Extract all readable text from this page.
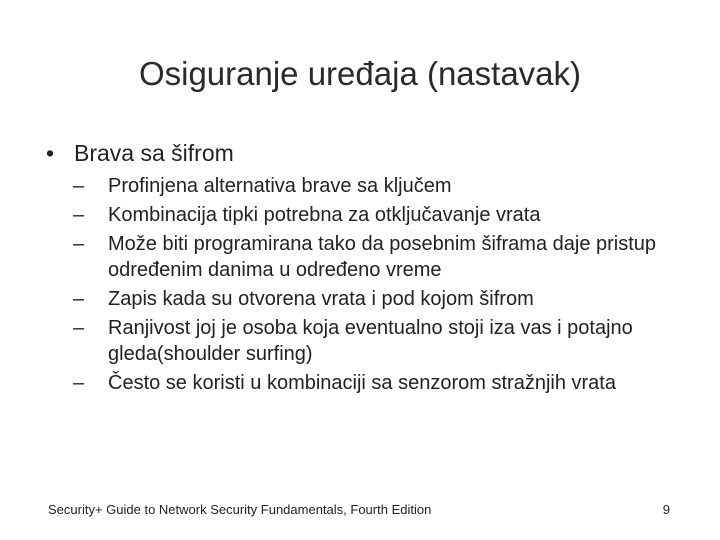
Osiguranje uređaja (nastavak)
• Brava sa šifrom
– Profinjena alternativa brave sa ključem
– Kombinacija tipki potrebna za otključavanje vrata
– Može biti programirana tako da posebnim šiframa daje pristup određenim danima u određeno vreme
– Zapis kada su otvorena vrata i pod kojom šifrom
– Ranjivost joj je osoba koja eventualno stoji iza vas i potajno gleda(shoulder surfing)
– Često se koristi u kombinaciji sa senzorom stražnjih vrata
Security+ Guide to Network Security Fundamentals, Fourth Edition	9
